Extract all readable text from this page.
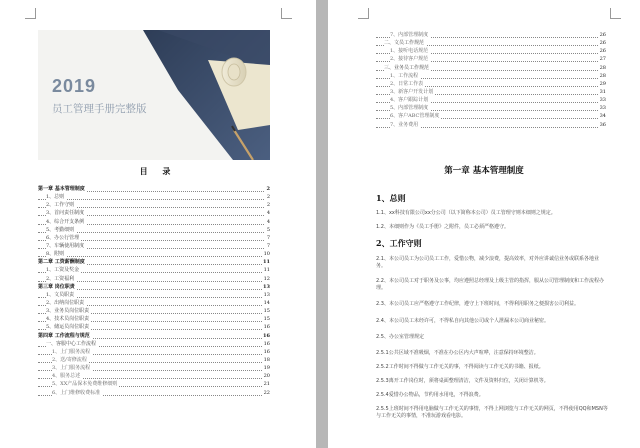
2019
员工管理手册完整版
目 录
第一章 基本管理制度	2
1、总则	2
2、工作守则	2
3、首问责任制度	4
4、综合开支条例	4
5、考勤细则	5
6、办公行管理	7
7、车辆使用制度	7
8、附则	10
第二章 工资薪酬制度	11
1、工资及奖金	11
2、工资福利	12
第三章 岗位职责	13
1、文员职责	13
2、出纳岗位职责	14
3、业务员岗位职责	15
4、技术员岗位职责	15
5、储运员岗位职责	16
第四章 工作流程与规范	16
一、客服中心工作流程	16
1、上门服务流程	16
2、送/寄修流程	18
3、上门服务流程	19
4、服务总述	20
5、XX产品保本免费维修细则	21
6、上门维修收费标准	22
7、内部管理制度	26
二、文员工作规范	26
1、接听电话规范	26
2、接待客户规范	27
三、业务员工作规范	28
1、工作流程	28
2、日常工作表	29
3、新客户开发计划	31
4、客户跟踪计划	33
5、内部管理制度	33
6、客户ABC管理制度	34
7、业务费用	36
第一章 基本管理制度
1、总则
1.1、xx科技有限公司xx分公司（以下简称本公司）员工管理守则本细则之规定。
1.2、本细则作为《员工手册》之附件，员工必须严格遵守。
2、工作守则
2.1、本公司员工为公司员工工作，爱惜公物，减少浪费，提高效率，对外应讲诚信业务或联系各地业务。
2.2、本公司员工对于职务及公事，均应遵照总经理及上级主管的指挥，服从公司管理制度和工作流程办理。
2.3、本公司员工应严格遵守工作纪律，遵守上下班时间，不得利用职务之便损害公司利益。
2.4、本公司员工未经许可，不得私自向其他公司或个人泄漏本公司商业秘密。
2.5、办公室管理规定
2.5.1公共区域不准吸烟，不准在办公区内大声喧哗，注意保持环境整洁。
2.5.2工作时间不得做与工作无关的事，不得阅读与工作无关的书籍、报纸。
2.5.3离开工作岗位时，须将桌面整理清洁，文件及资料归位，关闭计算机等。
2.5.4爱惜办公物品，节约用水用电，不得浪费。
2.5.5上班时间不得用电脑做与工作无关的事情，不得上网浏览与工作无关的网页，不得使用QQ和MSN等与工作无关的事情，不准玩游戏看电影。
